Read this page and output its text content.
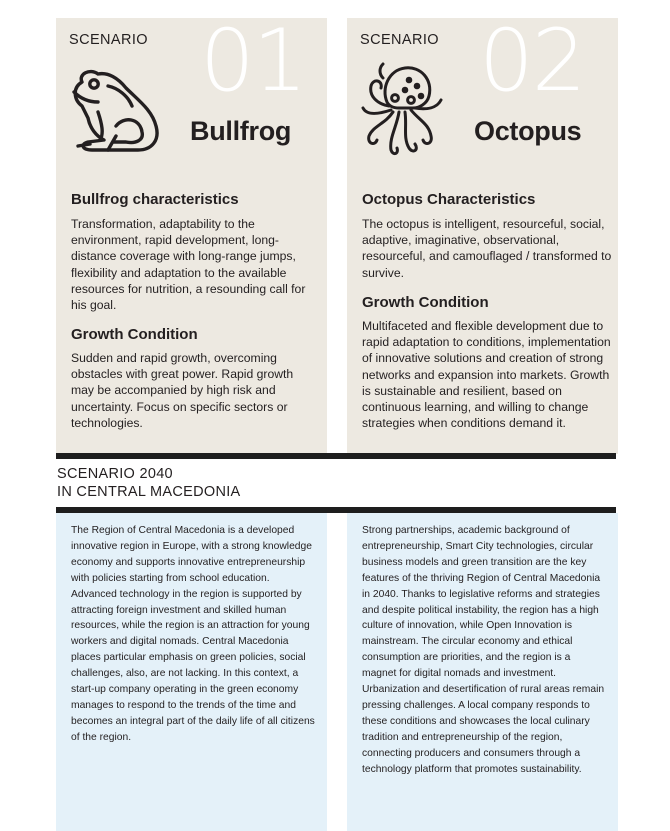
01
SCENARIO
Bullfrog
Bullfrog characteristics
Transformation, adaptability to the environment, rapid development, long-distance coverage with long-range jumps, flexibility and adaptation to the available resources for nutrition, a resounding call for his goal.
Growth Condition
Sudden and rapid growth, overcoming obstacles with great power. Rapid growth may be accompanied by high risk and uncertainty. Focus on specific sectors or technologies.
02
SCENARIO
Octopus
Octopus Characteristics
The octopus is intelligent, resourceful, social, adaptive, imaginative, observational, resourceful, and camouflaged / transformed to survive.
Growth Condition
Multifaceted and flexible development due to rapid adaptation to conditions, implementation of innovative solutions and creation of strong networks and expansion into markets. Growth is sustainable and resilient, based on continuous learning, and willing to change strategies when conditions demand it.
SCENARIO 2040
IN CENTRAL MACEDONIA
The Region of Central Macedonia is a developed innovative region in Europe, with a strong knowledge economy and supports innovative entrepreneurship with policies starting from school education. Advanced technology in the region is supported by attracting foreign investment and skilled human resources, while the region is an attraction for young workers and digital nomads. Central Macedonia places particular emphasis on green policies, social challenges, also, are not lacking. In this context, a start-up company operating in the green economy manages to respond to the trends of the time and becomes an integral part of the daily life of all citizens of the region.
Strong partnerships, academic background of entrepreneurship, Smart City technologies, circular business models and green transition are the key features of the thriving Region of Central Macedonia in 2040. Thanks to legislative reforms and strategies and despite political instability, the region has a high culture of innovation, while Open Innovation is mainstream. The circular economy and ethical consumption are priorities, and the region is a magnet for digital nomads and investment. Urbanization and desertification of rural areas remain pressing challenges. A local company responds to these conditions and showcases the local culinary tradition and entrepreneurship of the region, connecting producers and consumers through a technology platform that promotes sustainability.
